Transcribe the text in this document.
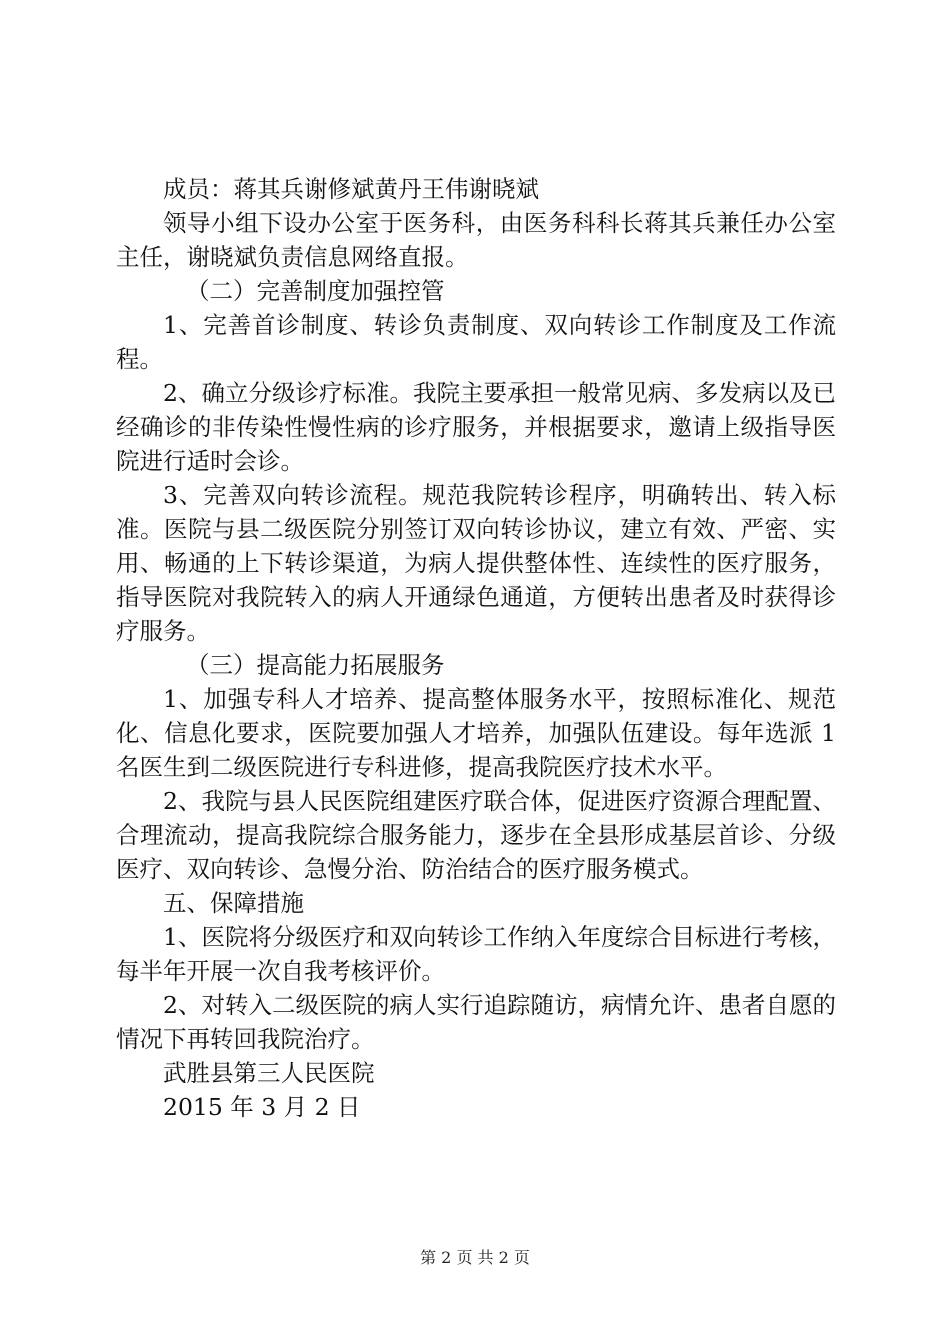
成员：蒋其兵谢修斌黄丹王伟谢晓斌

领导小组下设办公室于医务科，由医务科科长蒋其兵兼任办公室主任，谢晓斌负责信息网络直报。

（二）完善制度加强控管

1、完善首诊制度、转诊负责制度、双向转诊工作制度及工作流程。

2、确立分级诊疗标准。我院主要承担一般常见病、多发病以及已经确诊的非传染性慢性病的诊疗服务，并根据要求，邀请上级指导医院进行适时会诊。

3、完善双向转诊流程。规范我院转诊程序，明确转出、转入标准。医院与县二级医院分别签订双向转诊协议，建立有效、严密、实用、畅通的上下转诊渠道，为病人提供整体性、连续性的医疗服务，指导医院对我院转入的病人开通绿色通道，方便转出患者及时获得诊疗服务。

（三）提高能力拓展服务

1、加强专科人才培养、提高整体服务水平，按照标准化、规范化、信息化要求，医院要加强人才培养，加强队伍建设。每年选派 1 名医生到二级医院进行专科进修，提高我院医疗技术水平。

2、我院与县人民医院组建医疗联合体，促进医疗资源合理配置、合理流动，提高我院综合服务能力，逐步在全县形成基层首诊、分级医疗、双向转诊、急慢分治、防治结合的医疗服务模式。

五、保障措施

1、医院将分级医疗和双向转诊工作纳入年度综合目标进行考核，每半年开展一次自我考核评价。

2、对转入二级医院的病人实行追踪随访，病情允许、患者自愿的情况下再转回我院治疗。

武胜县第三人民医院

2015 年 3 月 2 日

第 2 页 共 2 页
